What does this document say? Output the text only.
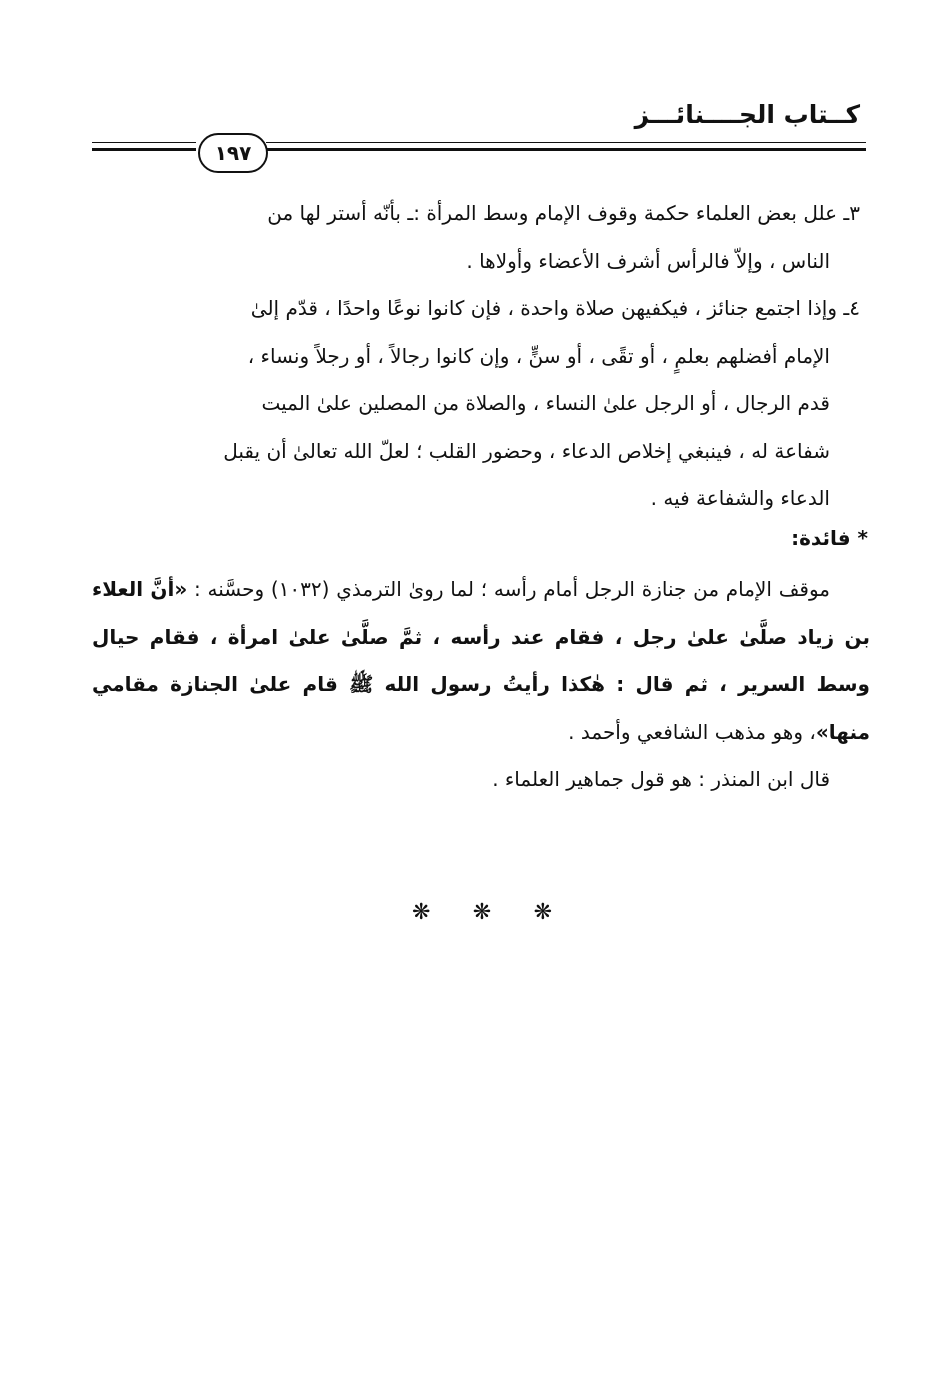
كــتاب الجــــنائـــز
١٩٧
٣ـ علل بعض العلماء حكمة وقوف الإمام وسط المرأة :ـ بأنّه أستر لها من
الناس ، وإلاّ فالرأس أشرف الأعضاء وأولاها .
٤ـ وإذا اجتمع جنائز ، فيكفيهن صلاة واحدة ، فإن كانوا نوعًا واحدًا ، قدّم إلىٰ
الإمام أفضلهم بعلمٍ ، أو تقًى ، أو سنٍّ ، وإن كانوا رجالاً ، أو رجلاً ونساء ،
قدم الرجال ، أو الرجل علىٰ النساء ، والصلاة من المصلين علىٰ الميت
شفاعة له ، فينبغي إخلاص الدعاء ، وحضور القلب ؛ لعلّ الله تعالىٰ أن يقبل
الدعاء والشفاعة فيه .
* فائدة:
موقف الإمام من جنازة الرجل أمام رأسه ؛ لما رویٰ الترمذي (١٠٣٢) وحسَّنه : «أنَّ العلاء بن زياد صلَّىٰ علىٰ رجل ، فقام عند رأسه ، ثمَّ صلَّىٰ علىٰ امرأة ، فقام حيال وسط السرير ، ثم قال : هٰكذا رأيتُ رسول الله ﷺ قام علىٰ الجنازة مقامي منها»، وهو مذهب الشافعي وأحمد .
قال ابن المنذر : هو قول جماهير العلماء .
❋ ❋ ❋
